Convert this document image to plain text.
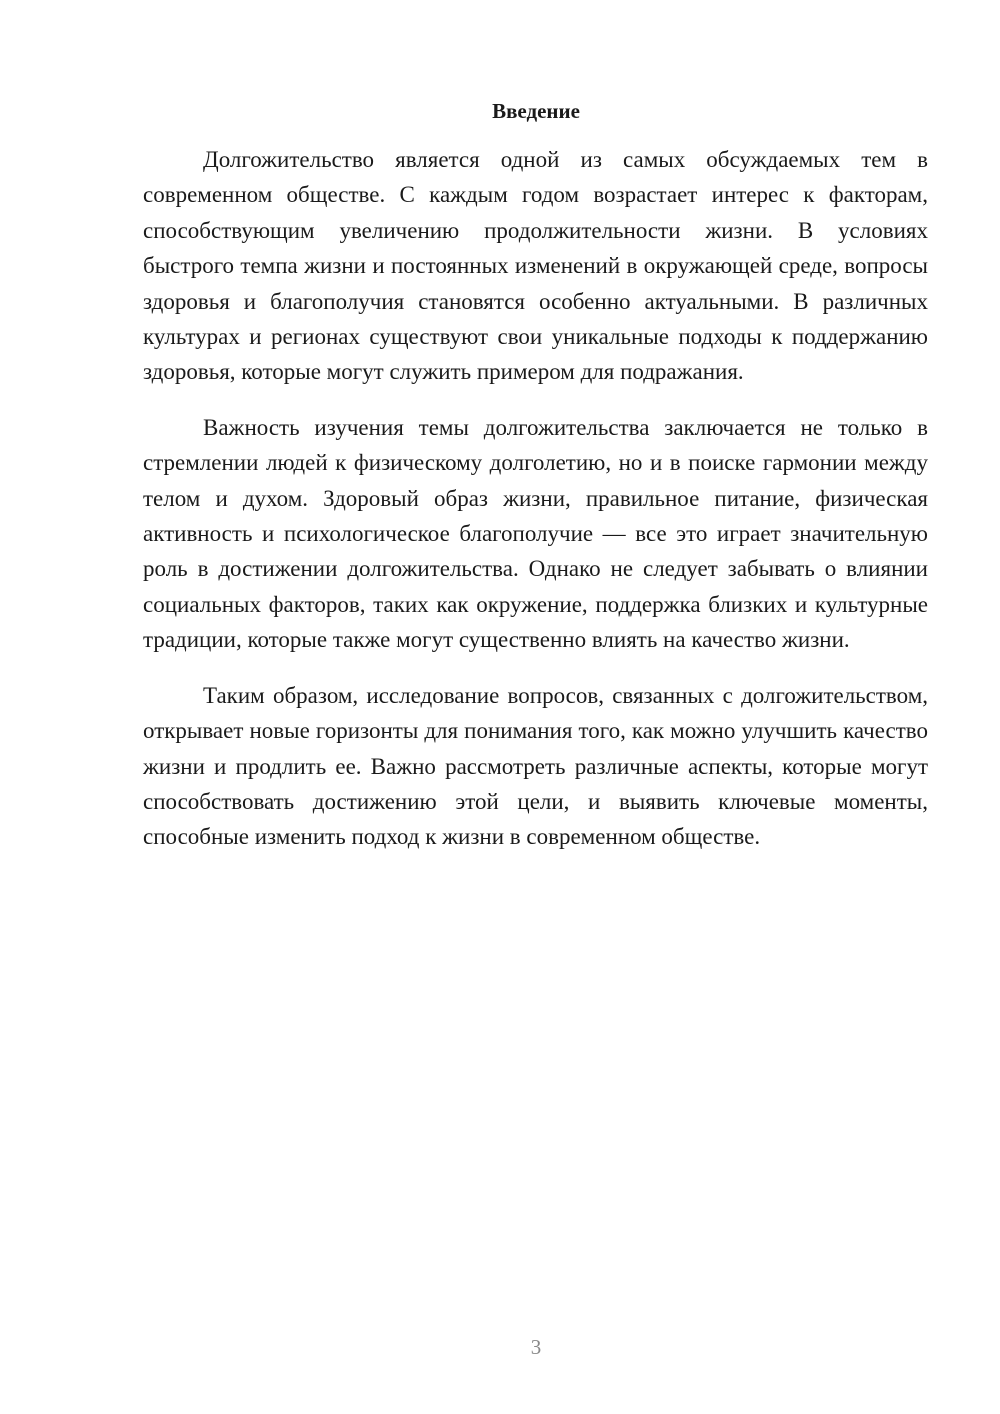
Введение

Долгожительство является одной из самых обсуждаемых тем в современном обществе. С каждым годом возрастает интерес к факторам, способствующим увеличению продолжительности жизни. В условиях быстрого темпа жизни и постоянных изменений в окружающей среде, вопросы здоровья и благополучия становятся особенно актуальными. В различных культурах и регионах существуют свои уникальные подходы к поддержанию здоровья, которые могут служить примером для подражания.

Важность изучения темы долгожительства заключается не только в стремлении людей к физическому долголетию, но и в поиске гармонии между телом и духом. Здоровый образ жизни, правильное питание, физическая активность и психологическое благополучие — все это играет значительную роль в достижении долгожительства. Однако не следует забывать о влиянии социальных факторов, таких как окружение, поддержка близких и культурные традиции, которые также могут существенно влиять на качество жизни.

Таким образом, исследование вопросов, связанных с долгожительством, открывает новые горизонты для понимания того, как можно улучшить качество жизни и продлить ее. Важно рассмотреть различные аспекты, которые могут способствовать достижению этой цели, и выявить ключевые моменты, способные изменить подход к жизни в современном обществе.

3
